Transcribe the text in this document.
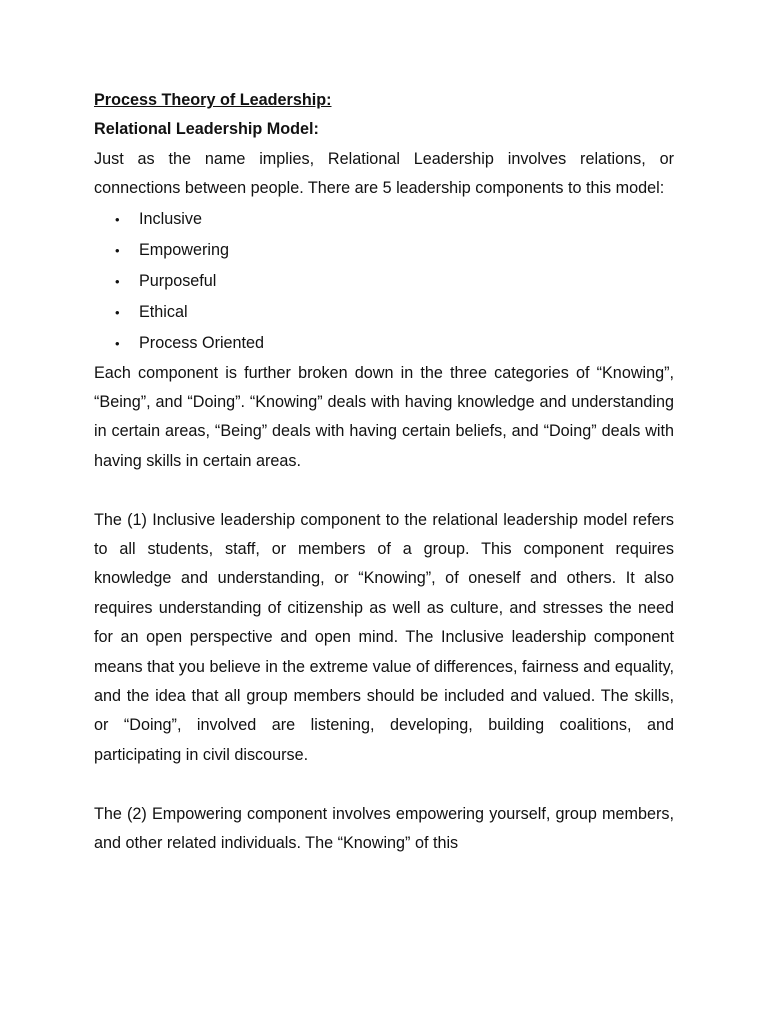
Process Theory of Leadership:

Relational Leadership Model:

Just as the name implies, Relational Leadership involves relations, or connections between people. There are 5 leadership components to this model:

• Inclusive
• Empowering
• Purposeful
• Ethical
• Process Oriented

Each component is further broken down in the three categories of “Knowing”, “Being”, and “Doing”. “Knowing” deals with having knowledge and understanding in certain areas, “Being” deals with having certain beliefs, and “Doing” deals with having skills in certain areas.

The (1) Inclusive leadership component to the relational leadership model refers to all students, staff, or members of a group. This component requires knowledge and understanding, or “Knowing”, of oneself and others. It also requires understanding of citizenship as well as culture, and stresses the need for an open perspective and open mind. The Inclusive leadership component means that you believe in the extreme value of differences, fairness and equality, and the idea that all group members should be included and valued. The skills, or “Doing”, involved are listening, developing, building coalitions, and participating in civil discourse.

The (2) Empowering component involves empowering yourself, group members, and other related individuals. The “Knowing” of this
